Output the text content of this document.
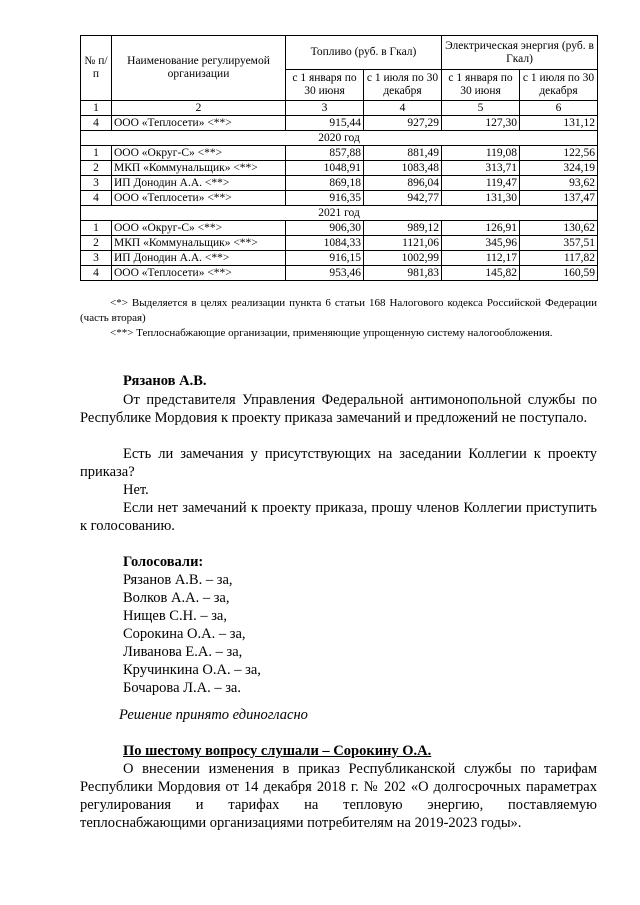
№ п/п	Наименование регулируемой организации	Топливо (руб. в Гкал)		Электрическая энергия (руб. в Гкал)	
		с 1 января по 30 июня	с 1 июля по 30 декабря	с 1 января по 30 июня	с 1 июля по 30 декабря
1	2	3	4	5	6
4	ООО «Теплосети» <**>	915,44	927,29	127,30	131,12
2020 год					
1	ООО «Округ-С» <**>	857,88	881,49	119,08	122,56
2	МКП «Коммунальщик» <**>	1048,91	1083,48	313,71	324,19
3	ИП Донодин А.А. <**>	869,18	896,04	119,47	93,62
4	ООО «Теплосети» <**>	916,35	942,77	131,30	137,47
2021 год					
1	ООО «Округ-С» <**>	906,30	989,12	126,91	130,62
2	МКП «Коммунальщик» <**>	1084,33	1121,06	345,96	357,51
3	ИП Донодин А.А. <**>	916,15	1002,99	112,17	117,82
4	ООО «Теплосети» <**>	953,46	981,83	145,82	160,59
<*> Выделяется в целях реализации пункта 6 статьи 168 Налогового кодекса Российской Федерации (часть вторая)
<**> Теплоснабжающие организации, применяющие упрощенную систему налогообложения.
Рязанов А.В.
От представителя Управления Федеральной антимонопольной службы по Республике Мордовия к проекту приказа замечаний и предложений не поступало.
Есть ли замечания у присутствующих на заседании Коллегии к проекту приказа?
Нет.
Если нет замечаний к проекту приказа, прошу членов Коллегии приступить к голосованию.
Голосовали:
Рязанов А.В. – за,
Волков А.А. – за,
Нищев С.Н. – за,
Сорокина О.А. – за,
Ливанова Е.А. – за,
Кручинкина О.А. – за,
Бочарова Л.А. – за.
Решение принято единогласно
По шестому вопросу слушали – Сорокину О.А.
О внесении изменения в приказ Республиканской службы по тарифам Республики Мордовия от 14 декабря 2018 г. № 202 «О долгосрочных параметрах регулирования и тарифах на тепловую энергию, поставляемую теплоснабжающими организациями потребителям на 2019-2023 годы».
